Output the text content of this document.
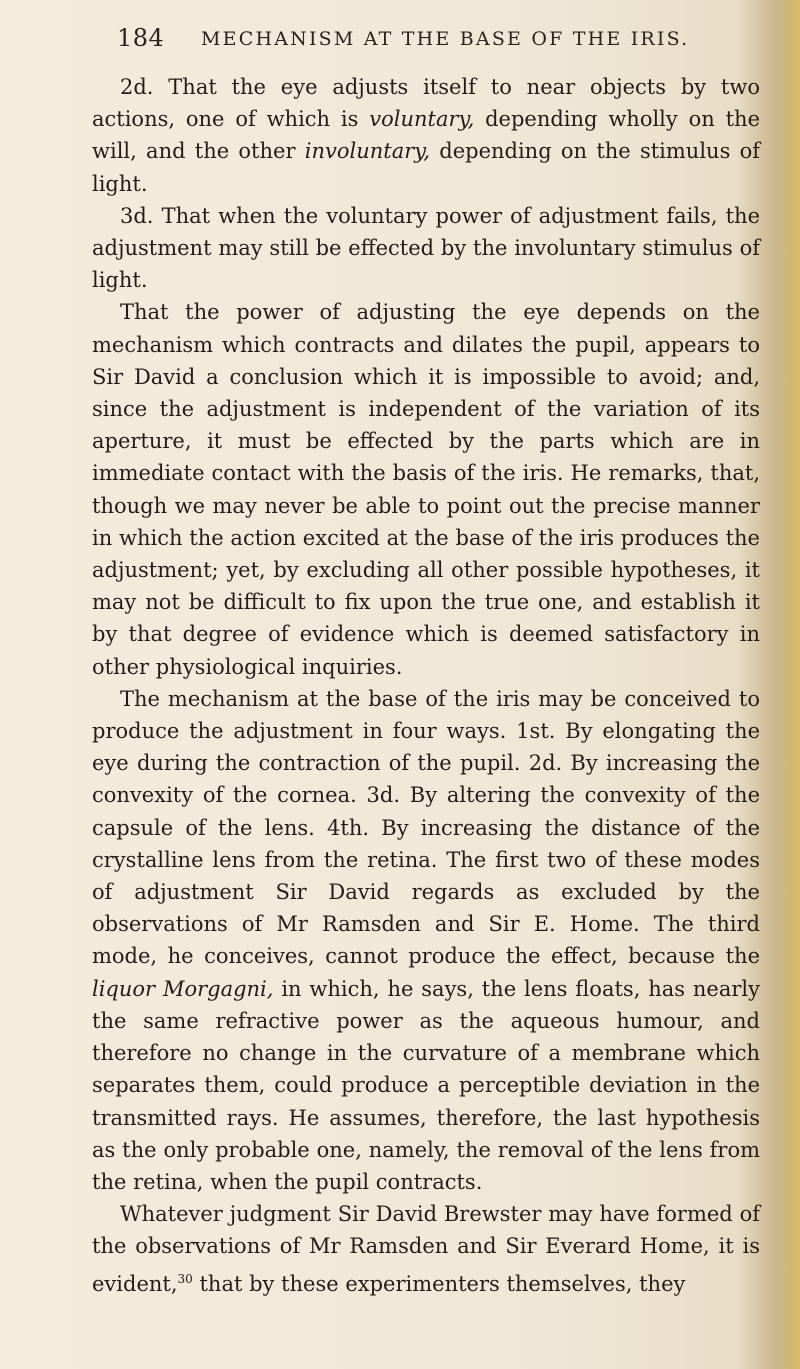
184 MECHANISM AT THE BASE OF THE IRIS.

2d. That the eye adjusts itself to near objects by two actions, one of which is voluntary, depending wholly on the will, and the other involuntary, depending on the stimulus of light.

3d. That when the voluntary power of adjustment fails, the adjustment may still be effected by the involuntary stimulus of light.

That the power of adjusting the eye depends on the mechanism which contracts and dilates the pupil, appears to Sir David a conclusion which it is impossible to avoid; and, since the adjustment is independent of the variation of its aperture, it must be effected by the parts which are in immediate contact with the basis of the iris. He remarks, that, though we may never be able to point out the precise manner in which the action excited at the base of the iris produces the adjustment; yet, by excluding all other possible hypotheses, it may not be difficult to fix upon the true one, and establish it by that degree of evidence which is deemed satisfactory in other physiological inquiries.

The mechanism at the base of the iris may be conceived to produce the adjustment in four ways. 1st. By elongating the eye during the contraction of the pupil. 2d. By increasing the convexity of the cornea. 3d. By altering the convexity of the capsule of the lens. 4th. By increasing the distance of the crystalline lens from the retina. The first two of these modes of adjustment Sir David regards as excluded by the observations of Mr Ramsden and Sir E. Home. The third mode, he conceives, cannot produce the effect, because the liquor Morgagni, in which, he says, the lens floats, has nearly the same refractive power as the aqueous humour, and therefore no change in the curvature of a membrane which separates them, could produce a perceptible deviation in the transmitted rays. He assumes, therefore, the last hypothesis as the only probable one, namely, the removal of the lens from the retina, when the pupil contracts.

Whatever judgment Sir David Brewster may have formed of the observations of Mr Ramsden and Sir Everard Home, it is evident,$^{30}$ that by these experimenters themselves, they
